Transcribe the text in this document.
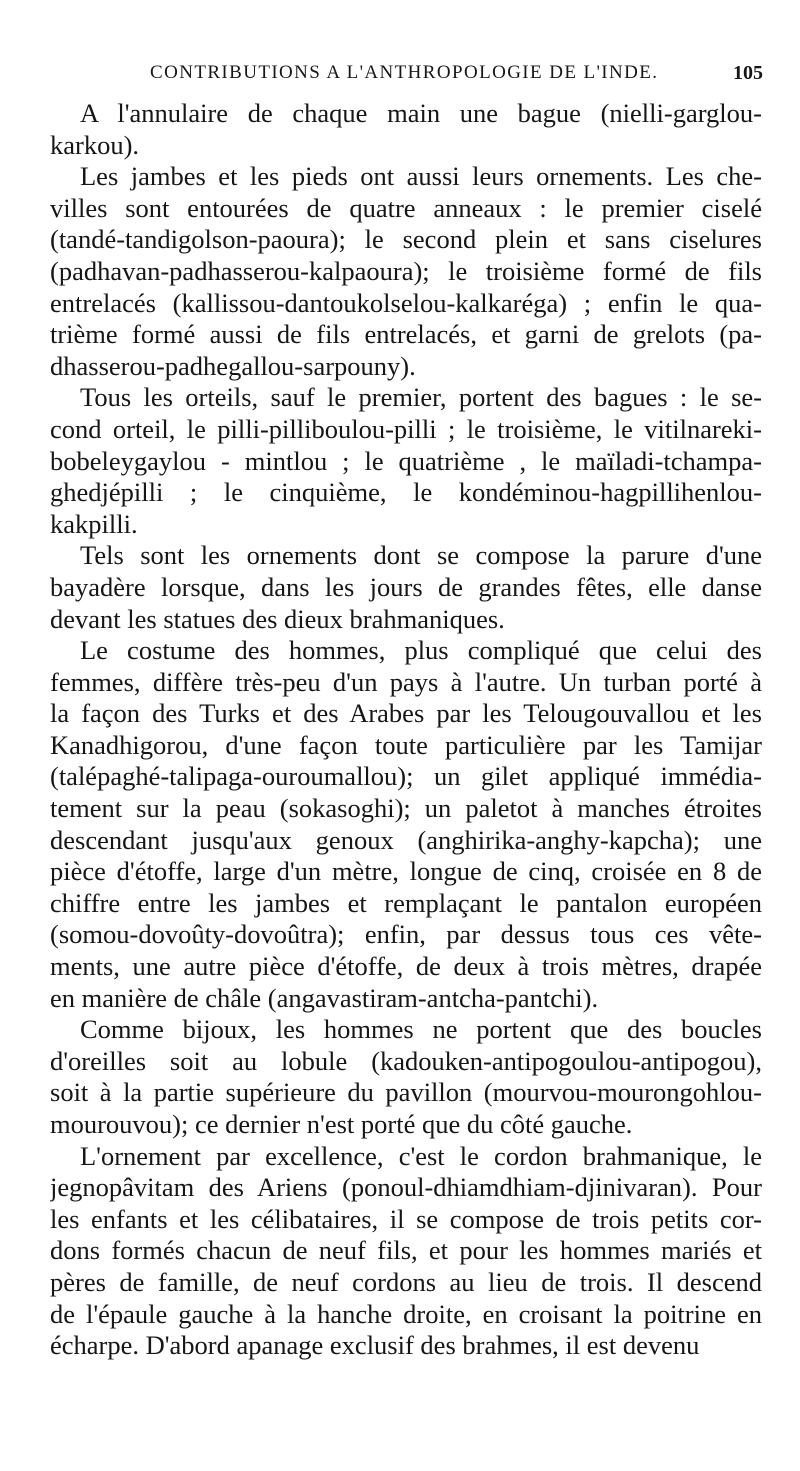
CONTRIBUTIONS A L'ANTHROPOLOGIE DE L'INDE.	105

A l'annulaire de chaque main une bague (nielli-garglou-
karkou).

Les jambes et les pieds ont aussi leurs ornements. Les che-
villes sont entourées de quatre anneaux : le premier ciselé
(tandé-tandigolson-paoura); le second plein et sans ciselures
(padhavan-padhasserou-kalpaoura); le troisième formé de fils
entrelacés (kallissou-dantoukolselou-kalkaréga) ; enfin le qua-
trième formé aussi de fils entrelacés, et garni de grelots (pa-
dhasserou-padhegallou-sarpouny).

Tous les orteils, sauf le premier, portent des bagues : le se-
cond orteil, le pilli-pilliboulou-pilli ; le troisième, le vitilnareki-
bobeleygaylou - mintlou ; le quatrième , le maïladi-tchampa-
ghedjépilli ; le cinquième, le kondéminou-hagpillihenlou-
kakpilli.

Tels sont les ornements dont se compose la parure d'une
bayadère lorsque, dans les jours de grandes fêtes, elle danse
devant les statues des dieux brahmaniques.

Le costume des hommes, plus compliqué que celui des
femmes, diffère très-peu d'un pays à l'autre. Un turban porté à
la façon des Turks et des Arabes par les Telougouvallou et les
Kanadhigorou, d'une façon toute particulière par les Tamijar
(talépaghé-talipaga-ouroumallou); un gilet appliqué immédia-
tement sur la peau (sokasoghi); un paletot à manches étroites
descendant jusqu'aux genoux (anghirika-anghy-kapcha); une
pièce d'étoffe, large d'un mètre, longue de cinq, croisée en 8 de
chiffre entre les jambes et remplaçant le pantalon européen
(somou-dovoûty-dovoûtra); enfin, par dessus tous ces vête-
ments, une autre pièce d'étoffe, de deux à trois mètres, drapée
en manière de châle (angavastiram-antcha-pantchi).

Comme bijoux, les hommes ne portent que des boucles
d'oreilles soit au lobule (kadouken-antipogoulou-antipogou),
soit à la partie supérieure du pavillon (mourvou-mourongohlou-
mourouvou); ce dernier n'est porté que du côté gauche.

L'ornement par excellence, c'est le cordon brahmanique, le
jegnopâvitam des Ariens (ponoul-dhiamdhiam-djinivaran). Pour
les enfants et les célibataires, il se compose de trois petits cor-
dons formés chacun de neuf fils, et pour les hommes mariés et
pères de famille, de neuf cordons au lieu de trois. Il descend
de l'épaule gauche à la hanche droite, en croisant la poitrine en
écharpe. D'abord apanage exclusif des brahmes, il est devenu
